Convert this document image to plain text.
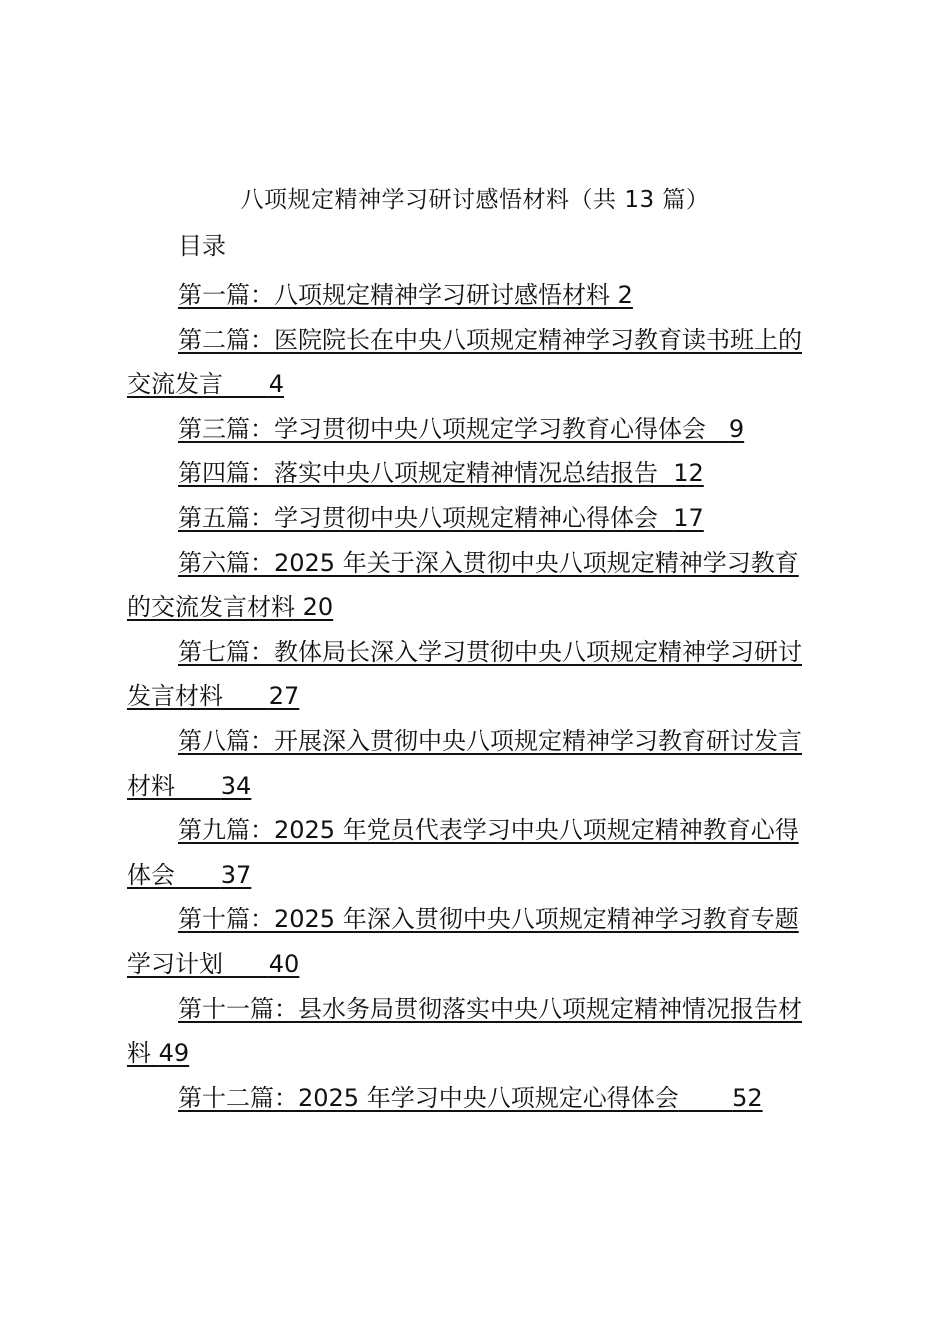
八项规定精神学习研讨感悟材料（共 13 篇）
目录
第一篇：八项规定精神学习研讨感悟材料 2
第二篇：医院院长在中央八项规定精神学习教育读书班上的交流发言 4
第三篇：学习贯彻中央八项规定学习教育心得体会 9
第四篇：落实中央八项规定精神情况总结报告 12
第五篇：学习贯彻中央八项规定精神心得体会 17
第六篇：2025 年关于深入贯彻中央八项规定精神学习教育的交流发言材料 20
第七篇：教体局长深入学习贯彻中央八项规定精神学习研讨发言材料 27
第八篇：开展深入贯彻中央八项规定精神学习教育研讨发言材料 34
第九篇：2025 年党员代表学习中央八项规定精神教育心得体会 37
第十篇：2025 年深入贯彻中央八项规定精神学习教育专题学习计划 40
第十一篇：县水务局贯彻落实中央八项规定精神情况报告材料 49
第十二篇：2025 年学习中央八项规定心得体会 52
